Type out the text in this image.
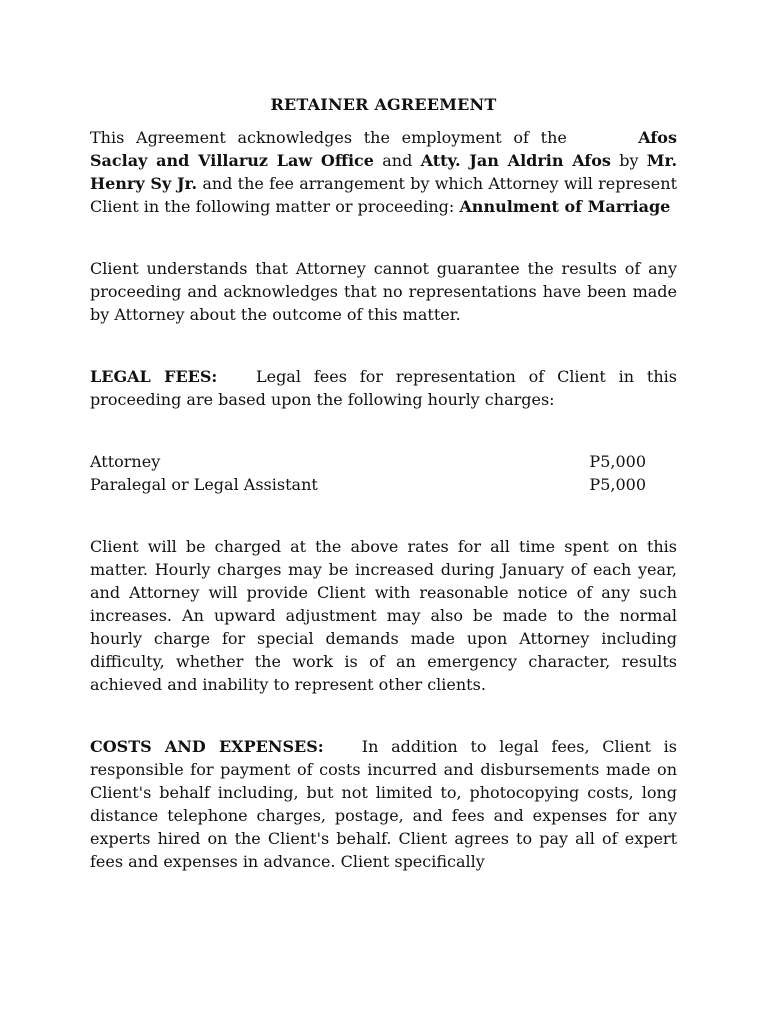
RETAINER AGREEMENT

This Agreement acknowledges the employment of the	Afos Saclay and Villaruz Law Office and Atty. Jan Aldrin Afos by Mr. Henry Sy Jr. and the fee arrangement by which Attorney will represent Client in the following matter or proceeding: Annulment of Marriage

Client understands that Attorney cannot guarantee the results of any proceeding and acknowledges that no representations have been made by Attorney about the outcome of this matter.

LEGAL FEES: Legal fees for representation of Client in this proceeding are based upon the following hourly charges:

Attorney	P5,000
Paralegal or Legal Assistant	P5,000

Client will be charged at the above rates for all time spent on this matter. Hourly charges may be increased during January of each year, and Attorney will provide Client with reasonable notice of any such increases. An upward adjustment may also be made to the normal hourly charge for special demands made upon Attorney including difficulty, whether the work is of an emergency character, results achieved and inability to represent other clients.

COSTS AND EXPENSES: In addition to legal fees, Client is responsible for payment of costs incurred and disbursements made on Client's behalf including, but not limited to, photocopying costs, long distance telephone charges, postage, and fees and expenses for any experts hired on the Client's behalf. Client agrees to pay all of expert fees and expenses in advance. Client specifically
